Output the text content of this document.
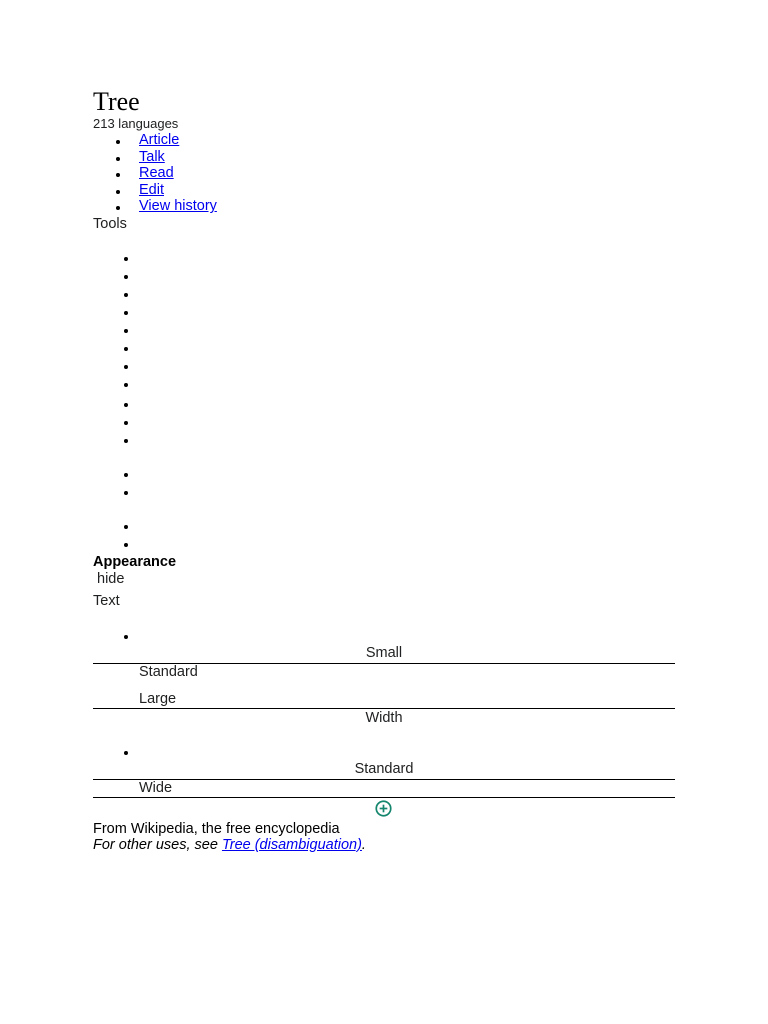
Tree
213 languages
Article
Talk
Read
Edit
View history
Tools
Appearance
hide
Text
Small
Standard
Large
Width
Standard
Wide
From Wikipedia, the free encyclopedia
For other uses, see Tree (disambiguation).
